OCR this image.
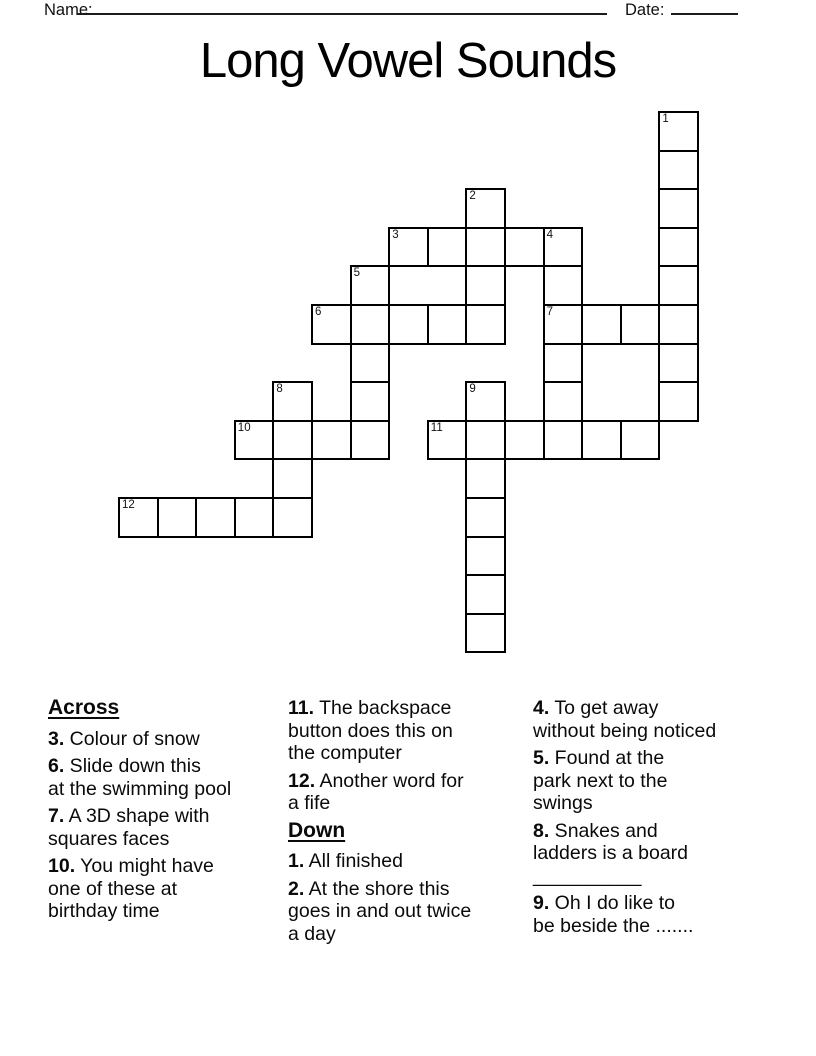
Name:	Date:
Long Vowel Sounds
1
2
3	4
7
5
6
8	9
10	11
12
Across

3. Colour of snow

6. Slide down this
at the swimming pool

7. A 3D shape with
squares faces

10. You might have
one of these at
birthday time

11. The backspace
button does this on
the computer

12. Another word for
a fife

Down

1. All finished

2. At the shore this
goes in and out twice
a day

4. To get away
without being noticed

5. Found at the
park next to the
swings

8. Snakes and
ladders is a board
__________

9. Oh I do like to
be beside the .......
